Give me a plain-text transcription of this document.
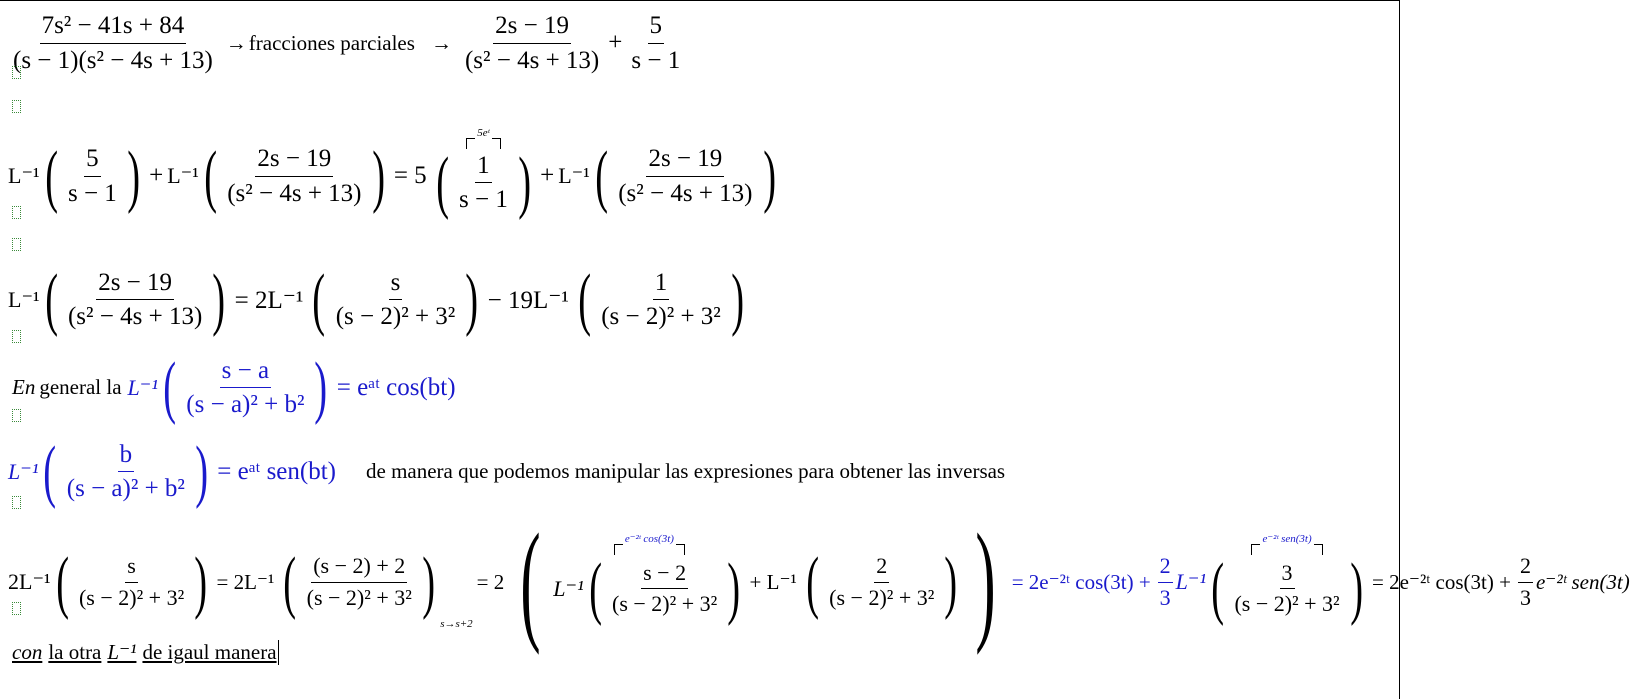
$\frac{\text{7s² − 41s + 84}}{\text{(s − 1)(s² − 4s + 13)}}$ → fracciones parciales →
2s − 19
(s² − 4s + 13)
+ $\frac{5}{s - 1}$
L⁻¹ ( 5
s − 1 ) + L⁻¹ ( 2s − 19
(s² − 4s + 13) ) = 5
5eᵗ
( 1
s − 1 ) + L⁻¹ ( 2s − 19
(s² − 4s + 13) )
L⁻¹ ( 2s − 19
(s² − 4s + 13) ) = 2L⁻¹ (	s
(s − 2)² + 3² ) − 19L⁻¹ (	1
(s − 2)² + 3² )
En general la L⁻¹ ( s − a
(s − a)² + b² ) = eᵃᵗ cos(bt)
L⁻¹ (	b
(s − a)² + b² ) = eᵃᵗ sen(bt) de manera que podemos manipular las expresiones para obtener las inversas
2L⁻¹ (	s
(s − 2)² + 3² ) = 2L⁻¹ ( (s − 2) + 2
(s − 2)² + 3² )
s→s+2
= 2 (	e⁻²ᵗ cos(3t)
L⁻¹ ( s − 2
(s − 2)² + 3² ) + L⁻¹ (	2
(s − 2)² + 3² ) ) = 2e⁻²ᵗ $\cos(3t) + \frac{2}{3} L^{-1}$
e⁻²ᵗ sen(3t)
(	3
(s − 2)² + 3² ) = 2e⁻²ᵗ $\cos(3t) + \frac{2}{3}$ e⁻²ᵗ sen(3t)
con la otra L⁻¹ de igaul manera
